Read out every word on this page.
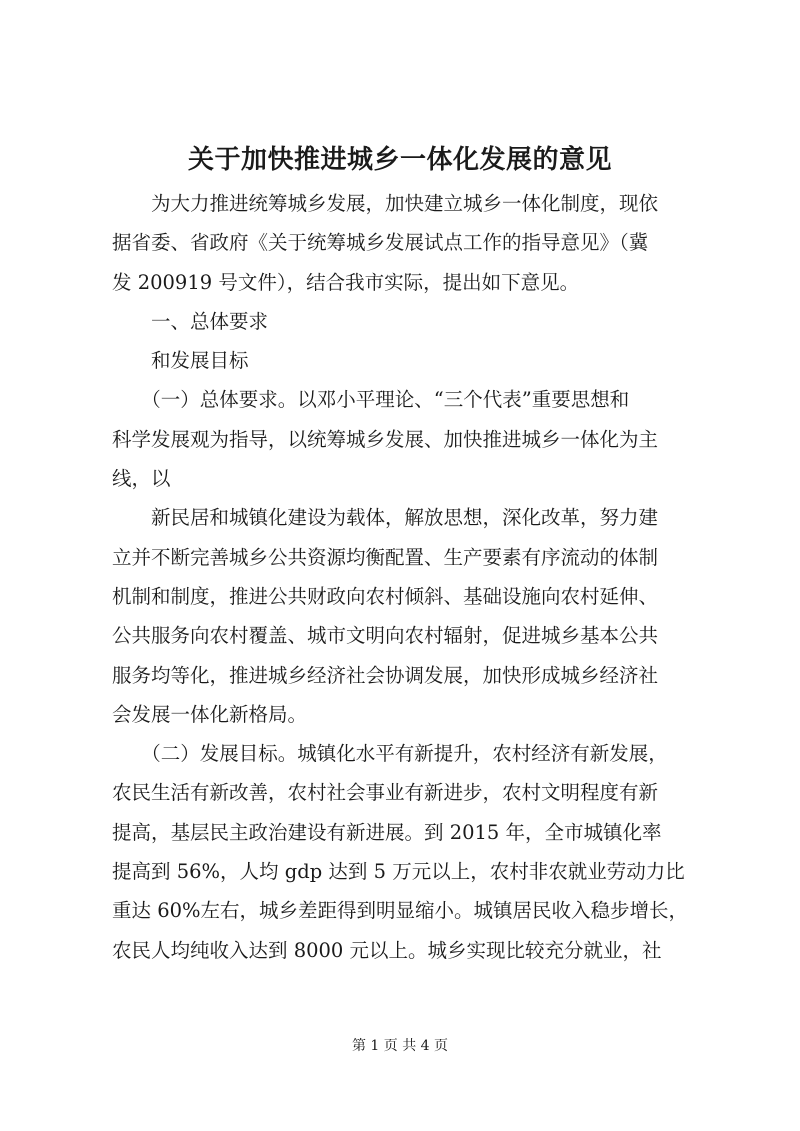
关于加快推进城乡一体化发展的意见
　　为大力推进统筹城乡发展，加快建立城乡一体化制度，现依
据省委、省政府《关于统筹城乡发展试点工作的指导意见》（冀
发 200919 号文件），结合我市实际，提出如下意见。
　　一、总体要求
　　和发展目标
　　（一）总体要求。以邓小平理论、“三个代表”重要思想和
科学发展观为指导，以统筹城乡发展、加快推进城乡一体化为主
线，以
　　新民居和城镇化建设为载体，解放思想，深化改革，努力建
立并不断完善城乡公共资源均衡配置、生产要素有序流动的体制
机制和制度，推进公共财政向农村倾斜、基础设施向农村延伸、
公共服务向农村覆盖、城市文明向农村辐射，促进城乡基本公共
服务均等化，推进城乡经济社会协调发展，加快形成城乡经济社
会发展一体化新格局。
　　（二）发展目标。城镇化水平有新提升，农村经济有新发展，
农民生活有新改善，农村社会事业有新进步，农村文明程度有新
提高，基层民主政治建设有新进展。到 2015 年，全市城镇化率
提高到 56%，人均 gdp 达到 5 万元以上，农村非农就业劳动力比
重达 60%左右，城乡差距得到明显缩小。城镇居民收入稳步增长，
农民人均纯收入达到 8000 元以上。城乡实现比较充分就业，社
第 1 页 共 4 页
